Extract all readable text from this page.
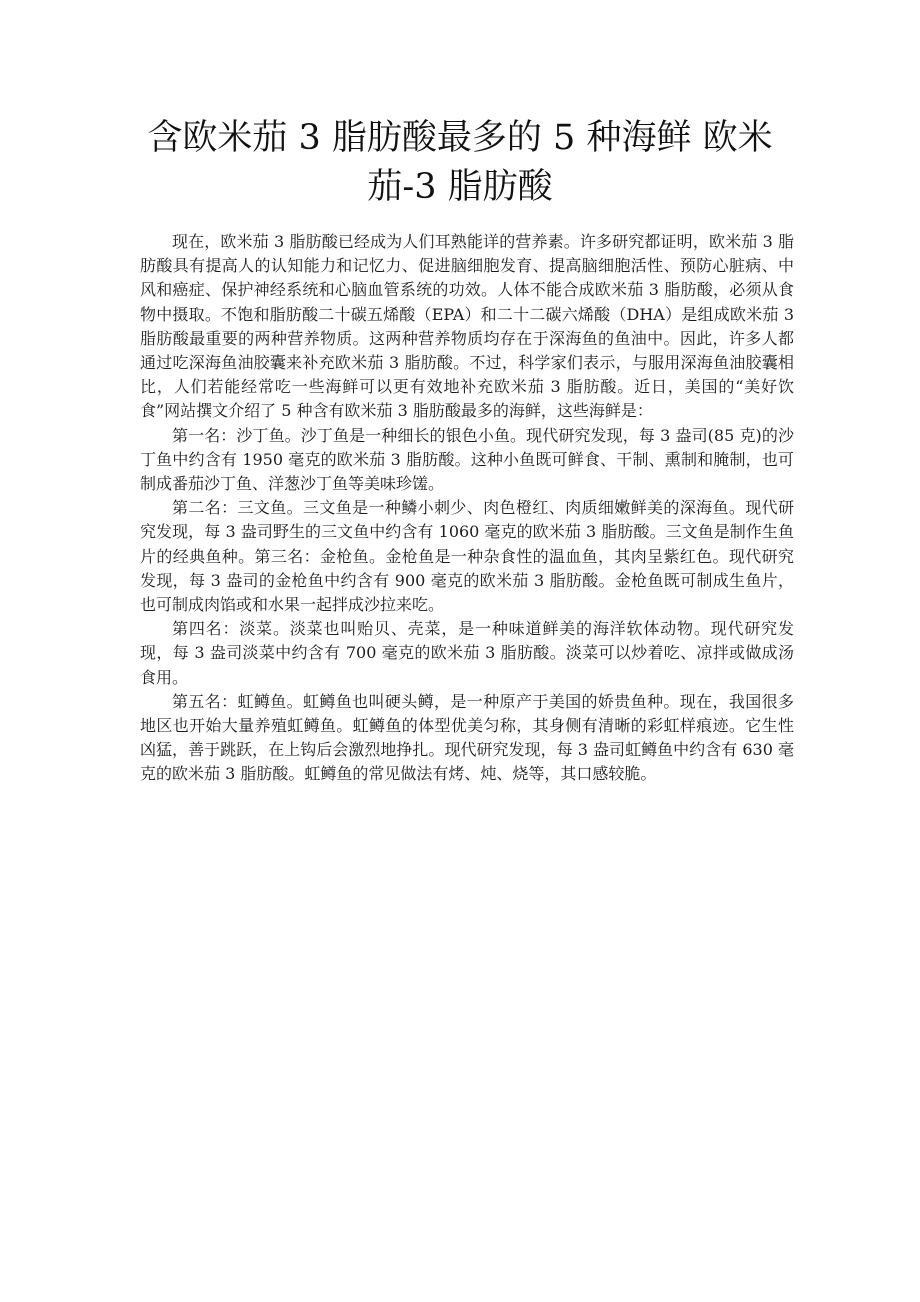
含欧米茄 3 脂肪酸最多的 5 种海鲜 欧米茄-3 脂肪酸

现在，欧米茄 3 脂肪酸已经成为人们耳熟能详的营养素。许多研究都证明，欧米茄 3 脂肪酸具有提高人的认知能力和记忆力、促进脑细胞发育、提高脑细胞活性、预防心脏病、中风和癌症、保护神经系统和心脑血管系统的功效。人体不能合成欧米茄 3 脂肪酸，必须从食物中摄取。不饱和脂肪酸二十碳五烯酸（EPA）和二十二碳六烯酸（DHA）是组成欧米茄 3 脂肪酸最重要的两种营养物质。这两种营养物质均存在于深海鱼的鱼油中。因此，许多人都通过吃深海鱼油胶囊来补充欧米茄 3 脂肪酸。不过，科学家们表示，与服用深海鱼油胶囊相比，人们若能经常吃一些海鲜可以更有效地补充欧米茄 3 脂肪酸。近日，美国的“美好饮食”网站撰文介绍了 5 种含有欧米茄 3 脂肪酸最多的海鲜，这些海鲜是：

第一名：沙丁鱼。沙丁鱼是一种细长的银色小鱼。现代研究发现，每 3 盎司(85 克)的沙丁鱼中约含有 1950 毫克的欧米茄 3 脂肪酸。这种小鱼既可鲜食、干制、熏制和腌制，也可制成番茄沙丁鱼、洋葱沙丁鱼等美味珍馐。

第二名：三文鱼。三文鱼是一种鳞小刺少、肉色橙红、肉质细嫩鲜美的深海鱼。现代研究发现，每 3 盎司野生的三文鱼中约含有 1060 毫克的欧米茄 3 脂肪酸。三文鱼是制作生鱼片的经典鱼种。第三名：金枪鱼。金枪鱼是一种杂食性的温血鱼，其肉呈紫红色。现代研究发现，每 3 盎司的金枪鱼中约含有 900 毫克的欧米茄 3 脂肪酸。金枪鱼既可制成生鱼片，也可制成肉馅或和水果一起拌成沙拉来吃。

第四名：淡菜。淡菜也叫贻贝、壳菜，是一种味道鲜美的海洋软体动物。现代研究发现，每 3 盎司淡菜中约含有 700 毫克的欧米茄 3 脂肪酸。淡菜可以炒着吃、凉拌或做成汤食用。

第五名：虹鳟鱼。虹鳟鱼也叫硬头鳟，是一种原产于美国的娇贵鱼种。现在，我国很多地区也开始大量养殖虹鳟鱼。虹鳟鱼的体型优美匀称，其身侧有清晰的彩虹样痕迹。它生性凶猛，善于跳跃，在上钩后会激烈地挣扎。现代研究发现，每 3 盎司虹鳟鱼中约含有 630 毫克的欧米茄 3 脂肪酸。虹鳟鱼的常见做法有烤、炖、烧等，其口感较脆。
